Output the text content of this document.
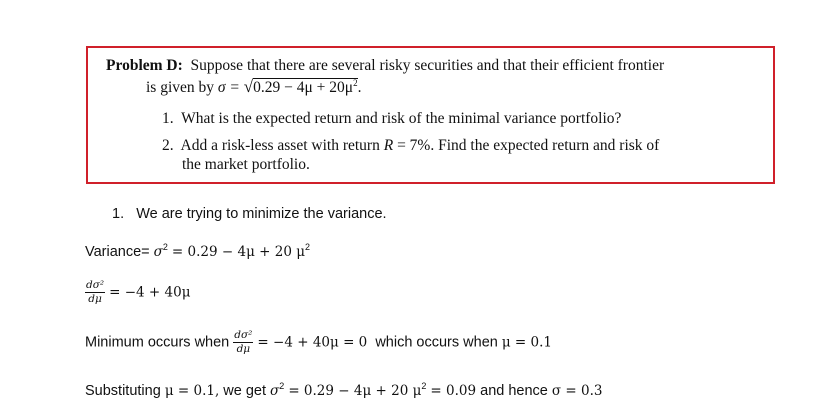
Problem D: Suppose that there are several risky securities and that their efficient frontier
is given by $\sigma = √0.29 - 4\mu + 20\mu^2$.
1. What is the expected return and risk of the minimal variance portfolio?
2. Add a risk-less asset with return R = 7%. Find the expected return and risk of
the market portfolio.
1. We are trying to minimize the variance.
Variance= $\sigma^2 = 0.29 - 4\mu + 20$ $\mu^2$
$\frac{\text{dσ²}}{d\mu} = -4 + 40\mu$
Minimum occurs when $\frac{\text{dσ²}}{d\mu} = -4 + 40\mu = 0$ which occurs when μ = 0.1
Substituting μ = 0.1, we get $\sigma^2 = 0.29 - 4\mu + 20$ $\mu^2 = 0.09$ and hence σ = 0.3
